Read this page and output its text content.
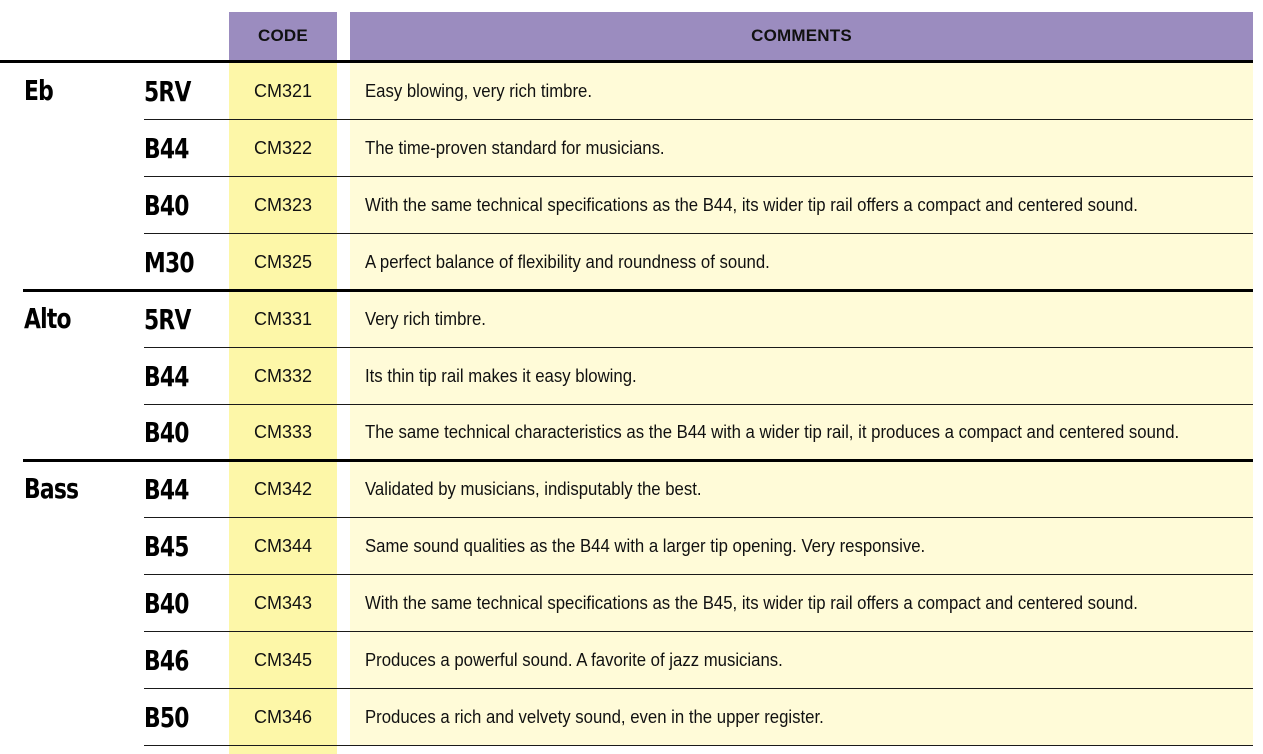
CODE	COMMENTS
Eb	5RV	CM321	Easy blowing, very rich timbre.
B44	CM322	The time-proven standard for musicians.
B40	CM323	With the same technical specifications as the B44, its wider tip rail offers a compact and centered sound.
M30	CM325	A perfect balance of flexibility and roundness of sound.
Alto	5RV	CM331	Very rich timbre.
B44	CM332	Its thin tip rail makes it easy blowing.
B40	CM333	The same technical characteristics as the B44 with a wider tip rail, it produces a compact and centered sound.
Bass B44	CM342	Validated by musicians, indisputably the best.
B45	CM344	Same sound qualities as the B44 with a larger tip opening. Very responsive.
B40	CM343	With the same technical specifications as the B45, its wider tip rail offers a compact and centered sound.
B46	CM345	Produces a powerful sound. A favorite of jazz musicians.
B50	CM346	Produces a rich and velvety sound, even in the upper register.
